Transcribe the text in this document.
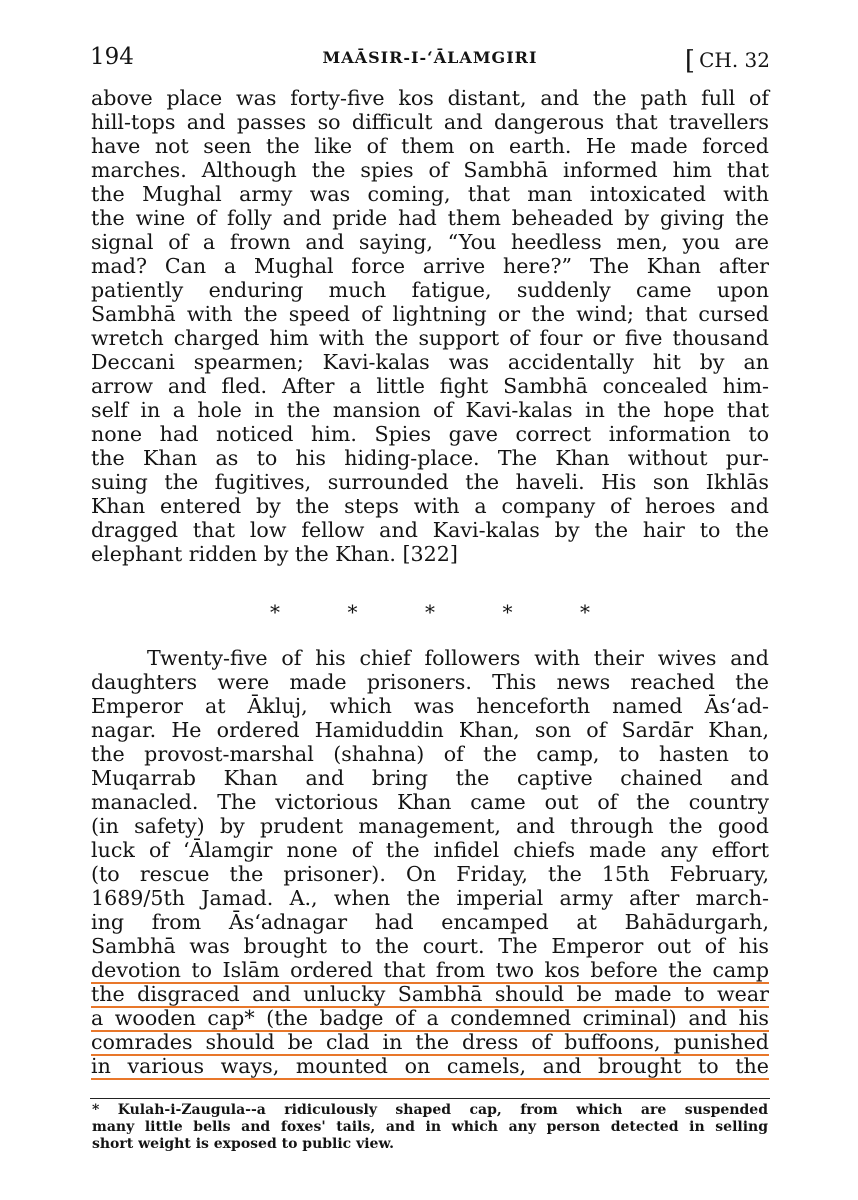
194	MAĀSIR-I-‘ĀLAMGIRI	[ CH. 32
above place was forty-five kos distant, and the path full of
hill-tops and passes so difficult and dangerous that travellers
have not seen the like of them on earth. He made forced
marches. Although the spies of Sambhā informed him that
the Mughal army was coming, that man intoxicated with
the wine of folly and pride had them beheaded by giving the
signal of a frown and saying, “You heedless men, you are
mad? Can a Mughal force arrive here?” The Khan after
patiently enduring much fatigue, suddenly came upon
Sambhā with the speed of lightning or the wind; that cursed
wretch charged him with the support of four or five thousand
Deccani spearmen; Kavi-kalas was accidentally hit by an
arrow and fled. After a little fight Sambhā concealed him-
self in a hole in the mansion of Kavi-kalas in the hope that
none had noticed him. Spies gave correct information to
the Khan as to his hiding-place. The Khan without pur-
suing the fugitives, surrounded the haveli. His son Ikhlās
Khan entered by the steps with a company of heroes and
dragged that low fellow and Kavi-kalas by the hair to the
elephant ridden by the Khan. [322]
*	*	*	*	*
Twenty-five of his chief followers with their wives and
daughters were made prisoners. This news reached the
Emperor at Ākluj, which was henceforth named Ās‘ad-
nagar. He ordered Hamiduddin Khan, son of Sardār Khan,
the provost-marshal (shahna) of the camp, to hasten to
Muqarrab Khan and bring the captive chained and
manacled. The victorious Khan came out of the country
(in safety) by prudent management, and through the good
luck of ‘Ālamgir none of the infidel chiefs made any effort
(to rescue the prisoner). On Friday, the 15th February,
1689/5th Jamad. A., when the imperial army after march-
ing from Ās‘adnagar had encamped at Bahādurgarh,
Sambhā was brought to the court. The Emperor out of his
devotion to Islām ordered that from two kos before the camp
the disgraced and unlucky Sambhā should be made to wear
a wooden cap* (the badge of a condemned criminal) and his
comrades should be clad in the dress of buffoons, punished
in various ways, mounted on camels, and brought to the
* Kulah-i-Zaugula--a ridiculously shaped cap, from which are suspended
many little bells and foxes' tails, and in which any person detected in selling
short weight is exposed to public view.
